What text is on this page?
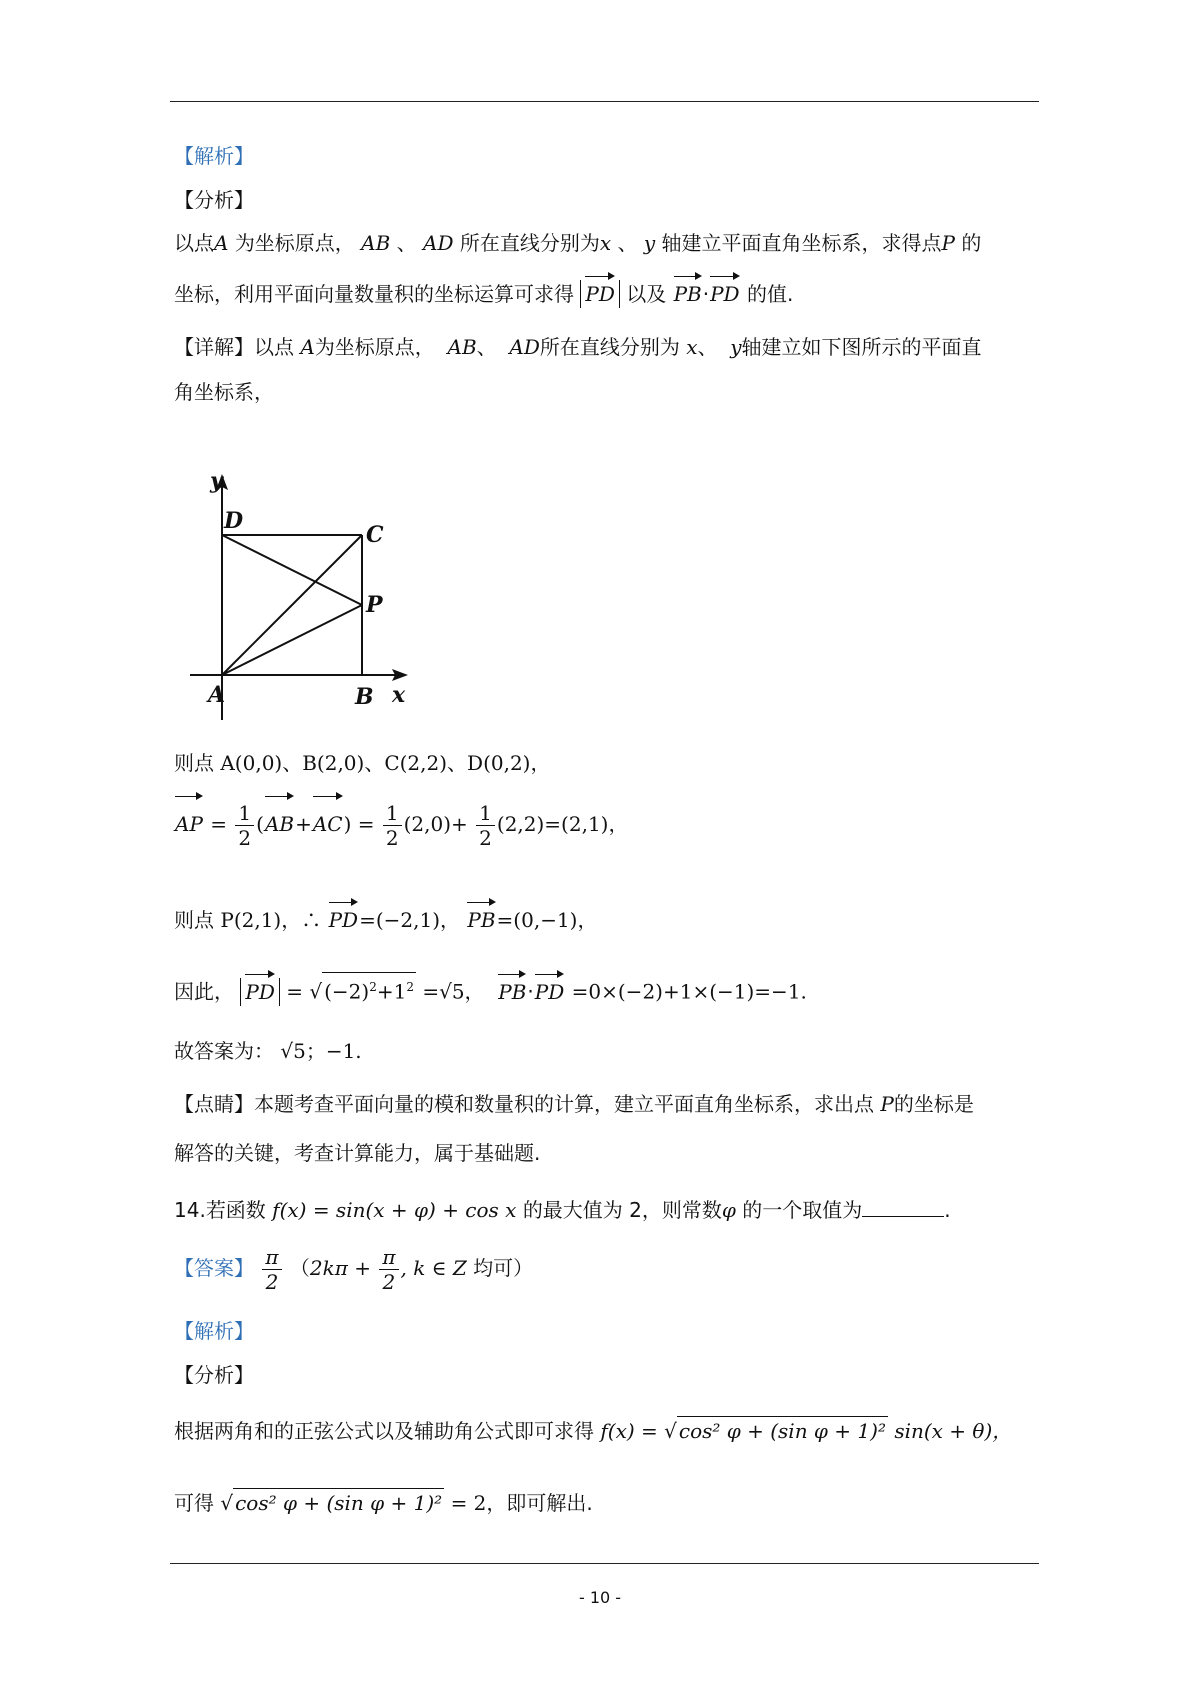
【解析】
【分析】
以点A 为坐标原点， AB 、 AD 所在直线分别为x 、 y 轴建立平面直角坐标系，求得点P 的
坐标，利用平面向量数量积的坐标运算可求得 PD 以及 PB·PD 的值.
【详解】以点 A为坐标原点， AB、 AD所在直线分别为 x、 y轴建立如下图所示的平面直
角坐标系，
y
D
C
P
A	B x
则点 A(0,0)、B(2,0)、C(2,2)、D(0,2)，
AP = $\frac{1}{2} (AB+AC) = \frac{1}{2} (2,0)+ \frac{1}{2} (2,2)=(2,1)$，
则点 P(2,1)，∴ PD=(−2,1)， PB=(0,−1)，
因此， PD = √ $(-2)^2+1^2 =√5$， PB·PD =0×(−2)+1×(−1)=−1.
故答案为： √5；−1.
【点睛】本题考查平面向量的模和数量积的计算，建立平面直角坐标系，求出点 P的坐标是
解答的关键，考查计算能力，属于基础题.
14.若函数 f(x) = sin(x + φ) + cos x 的最大值为 2，则常数φ 的一个取值为	.
【答案】 $\frac{\pi}{2} (2k\pi + \frac{\pi}{2}$ , k ∈ Z 均可）
【解析】
【分析】
根据两角和的正弦公式以及辅助角公式即可求得 f(x) = √ cos² φ + (sin φ + 1)² sin(x + θ)，
可得 √ cos² φ + (sin φ + 1)² = 2，即可解出.
- 10 -
